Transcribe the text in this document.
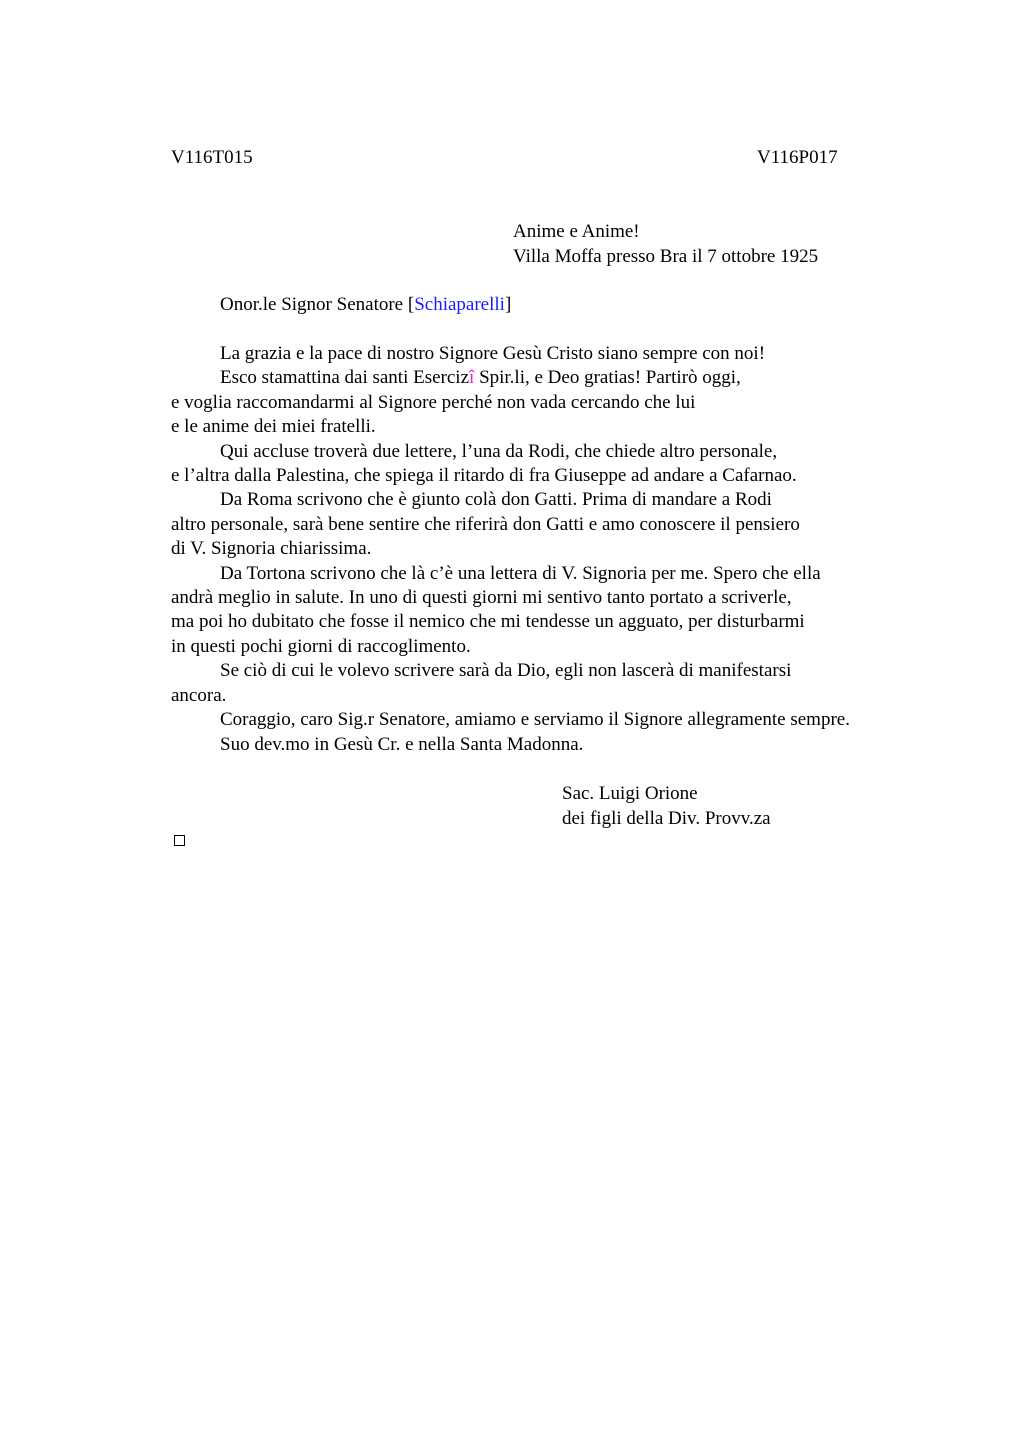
V116T015	V116P017
Anime e Anime!
Villa Moffa presso Bra il 7 ottobre 1925
Onor.le Signor Senatore [Schiaparelli]

La grazia e la pace di nostro Signore Gesù Cristo siano sempre con noi!

Esco stamattina dai santi Esercizî Spir.li, e Deo gratias! Partirò oggi,
e voglia raccomandarmi al Signore perché non vada cercando che lui
e le anime dei miei fratelli.

Qui accluse troverà due lettere, l’una da Rodi, che chiede altro personale,
e l’altra dalla Palestina, che spiega il ritardo di fra Giuseppe ad andare a Cafarnao.

Da Roma scrivono che è giunto colà don Gatti. Prima di mandare a Rodi
altro personale, sarà bene sentire che riferirà don Gatti e amo conoscere il pensiero
di V. Signoria chiarissima.

Da Tortona scrivono che là c’è una lettera di V. Signoria per me. Spero che ella
andrà meglio in salute. In uno di questi giorni mi sentivo tanto portato a scriverle,
ma poi ho dubitato che fosse il nemico che mi tendesse un agguato, per disturbarmi
in questi pochi giorni di raccoglimento.

Se ciò di cui le volevo scrivere sarà da Dio, egli non lascerà di manifestarsi
ancora.

Coraggio, caro Sig.r Senatore, amiamo e serviamo il Signore allegramente sempre.

Suo dev.mo in Gesù Cr. e nella Santa Madonna.

Sac. Luigi Orione
dei figli della Div. Provv.za
